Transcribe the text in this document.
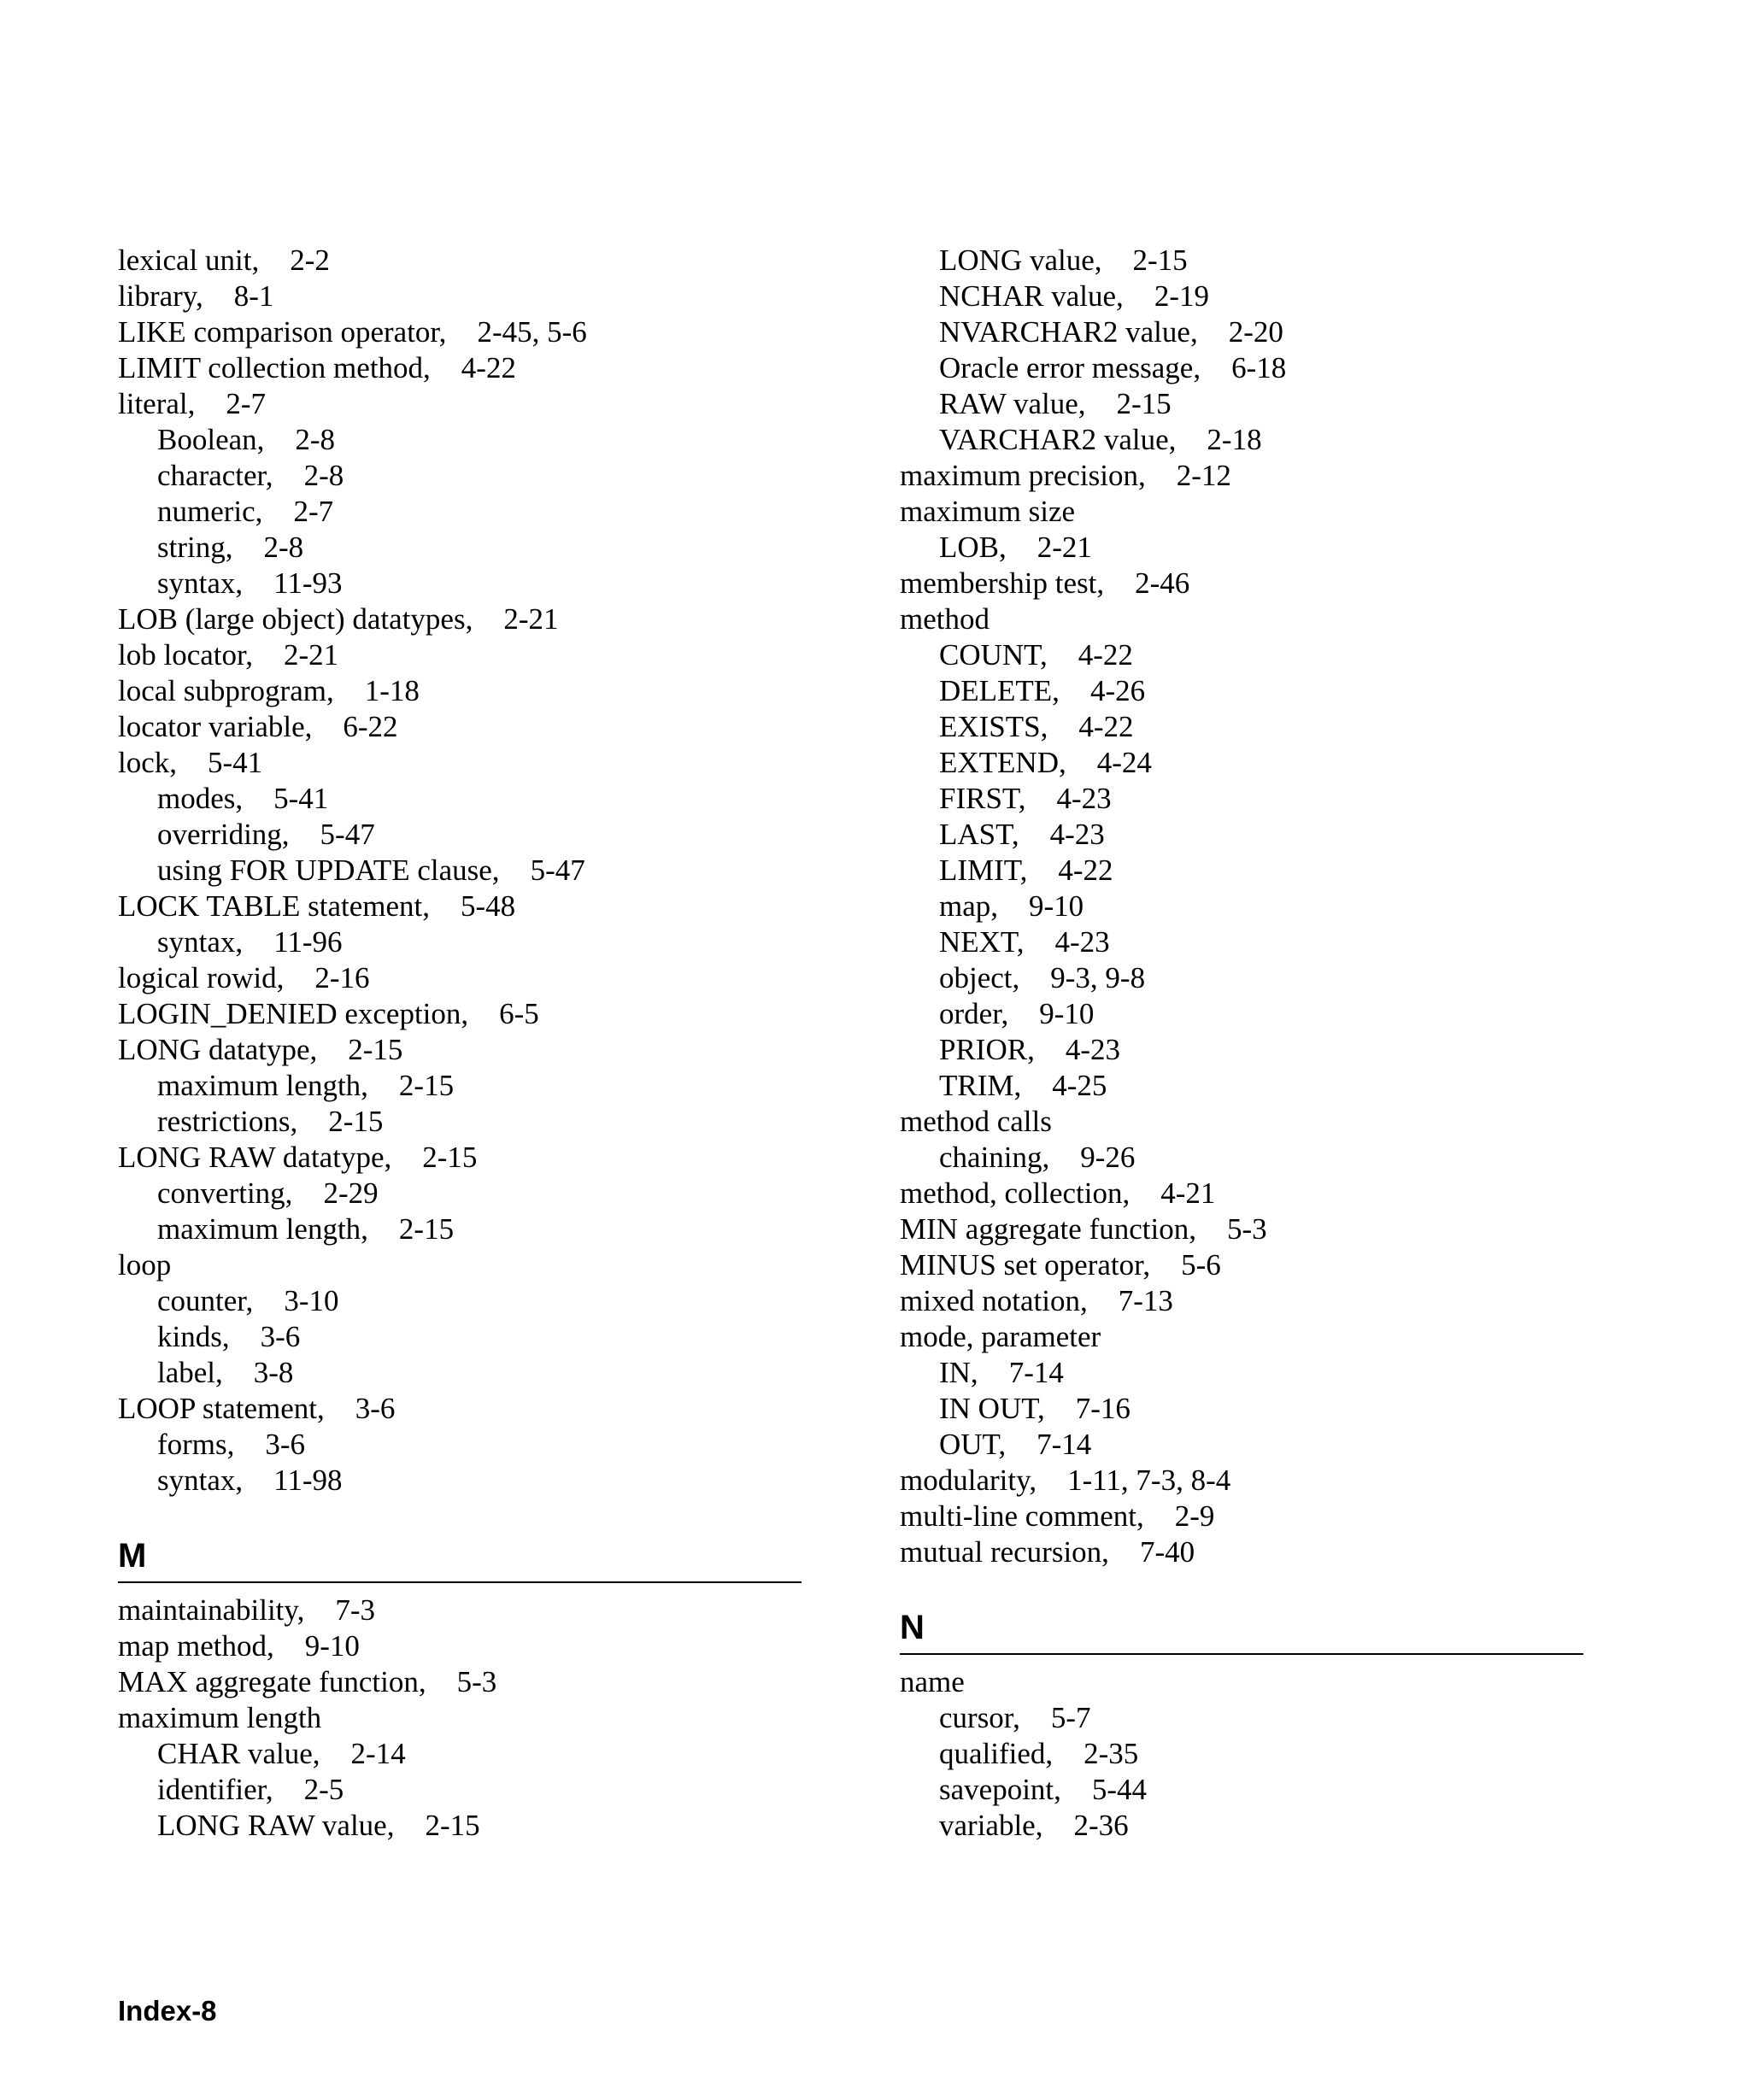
lexical unit, 2-2
library, 8-1
LIKE comparison operator, 2-45, 5-6
LIMIT collection method, 4-22
literal, 2-7
Boolean, 2-8
character, 2-8
numeric, 2-7
string, 2-8
syntax, 11-93
LOB (large object) datatypes, 2-21
lob locator, 2-21
local subprogram, 1-18
locator variable, 6-22
lock, 5-41
modes, 5-41
overriding, 5-47
using FOR UPDATE clause, 5-47
LOCK TABLE statement, 5-48
syntax, 11-96
logical rowid, 2-16
LOGIN_DENIED exception, 6-5
LONG datatype, 2-15
maximum length, 2-15
restrictions, 2-15
LONG RAW datatype, 2-15
converting, 2-29
maximum length, 2-15
loop
counter, 3-10
kinds, 3-6
label, 3-8
LOOP statement, 3-6
forms, 3-6
syntax, 11-98
M
maintainability, 7-3
map method, 9-10
MAX aggregate function, 5-3
maximum length
CHAR value, 2-14
identifier, 2-5
LONG RAW value, 2-15
LONG value, 2-15
NCHAR value, 2-19
NVARCHAR2 value, 2-20
Oracle error message, 6-18
RAW value, 2-15
VARCHAR2 value, 2-18
maximum precision, 2-12
maximum size
LOB, 2-21
membership test, 2-46
method
COUNT, 4-22
DELETE, 4-26
EXISTS, 4-22
EXTEND, 4-24
FIRST, 4-23
LAST, 4-23
LIMIT, 4-22
map, 9-10
NEXT, 4-23
object, 9-3, 9-8
order, 9-10
PRIOR, 4-23
TRIM, 4-25
method calls
chaining, 9-26
method, collection, 4-21
MIN aggregate function, 5-3
MINUS set operator, 5-6
mixed notation, 7-13
mode, parameter
IN, 7-14
IN OUT, 7-16
OUT, 7-14
modularity, 1-11, 7-3, 8-4
multi-line comment, 2-9
mutual recursion, 7-40
N
name
cursor, 5-7
qualified, 2-35
savepoint, 5-44
variable, 2-36
Index-8
